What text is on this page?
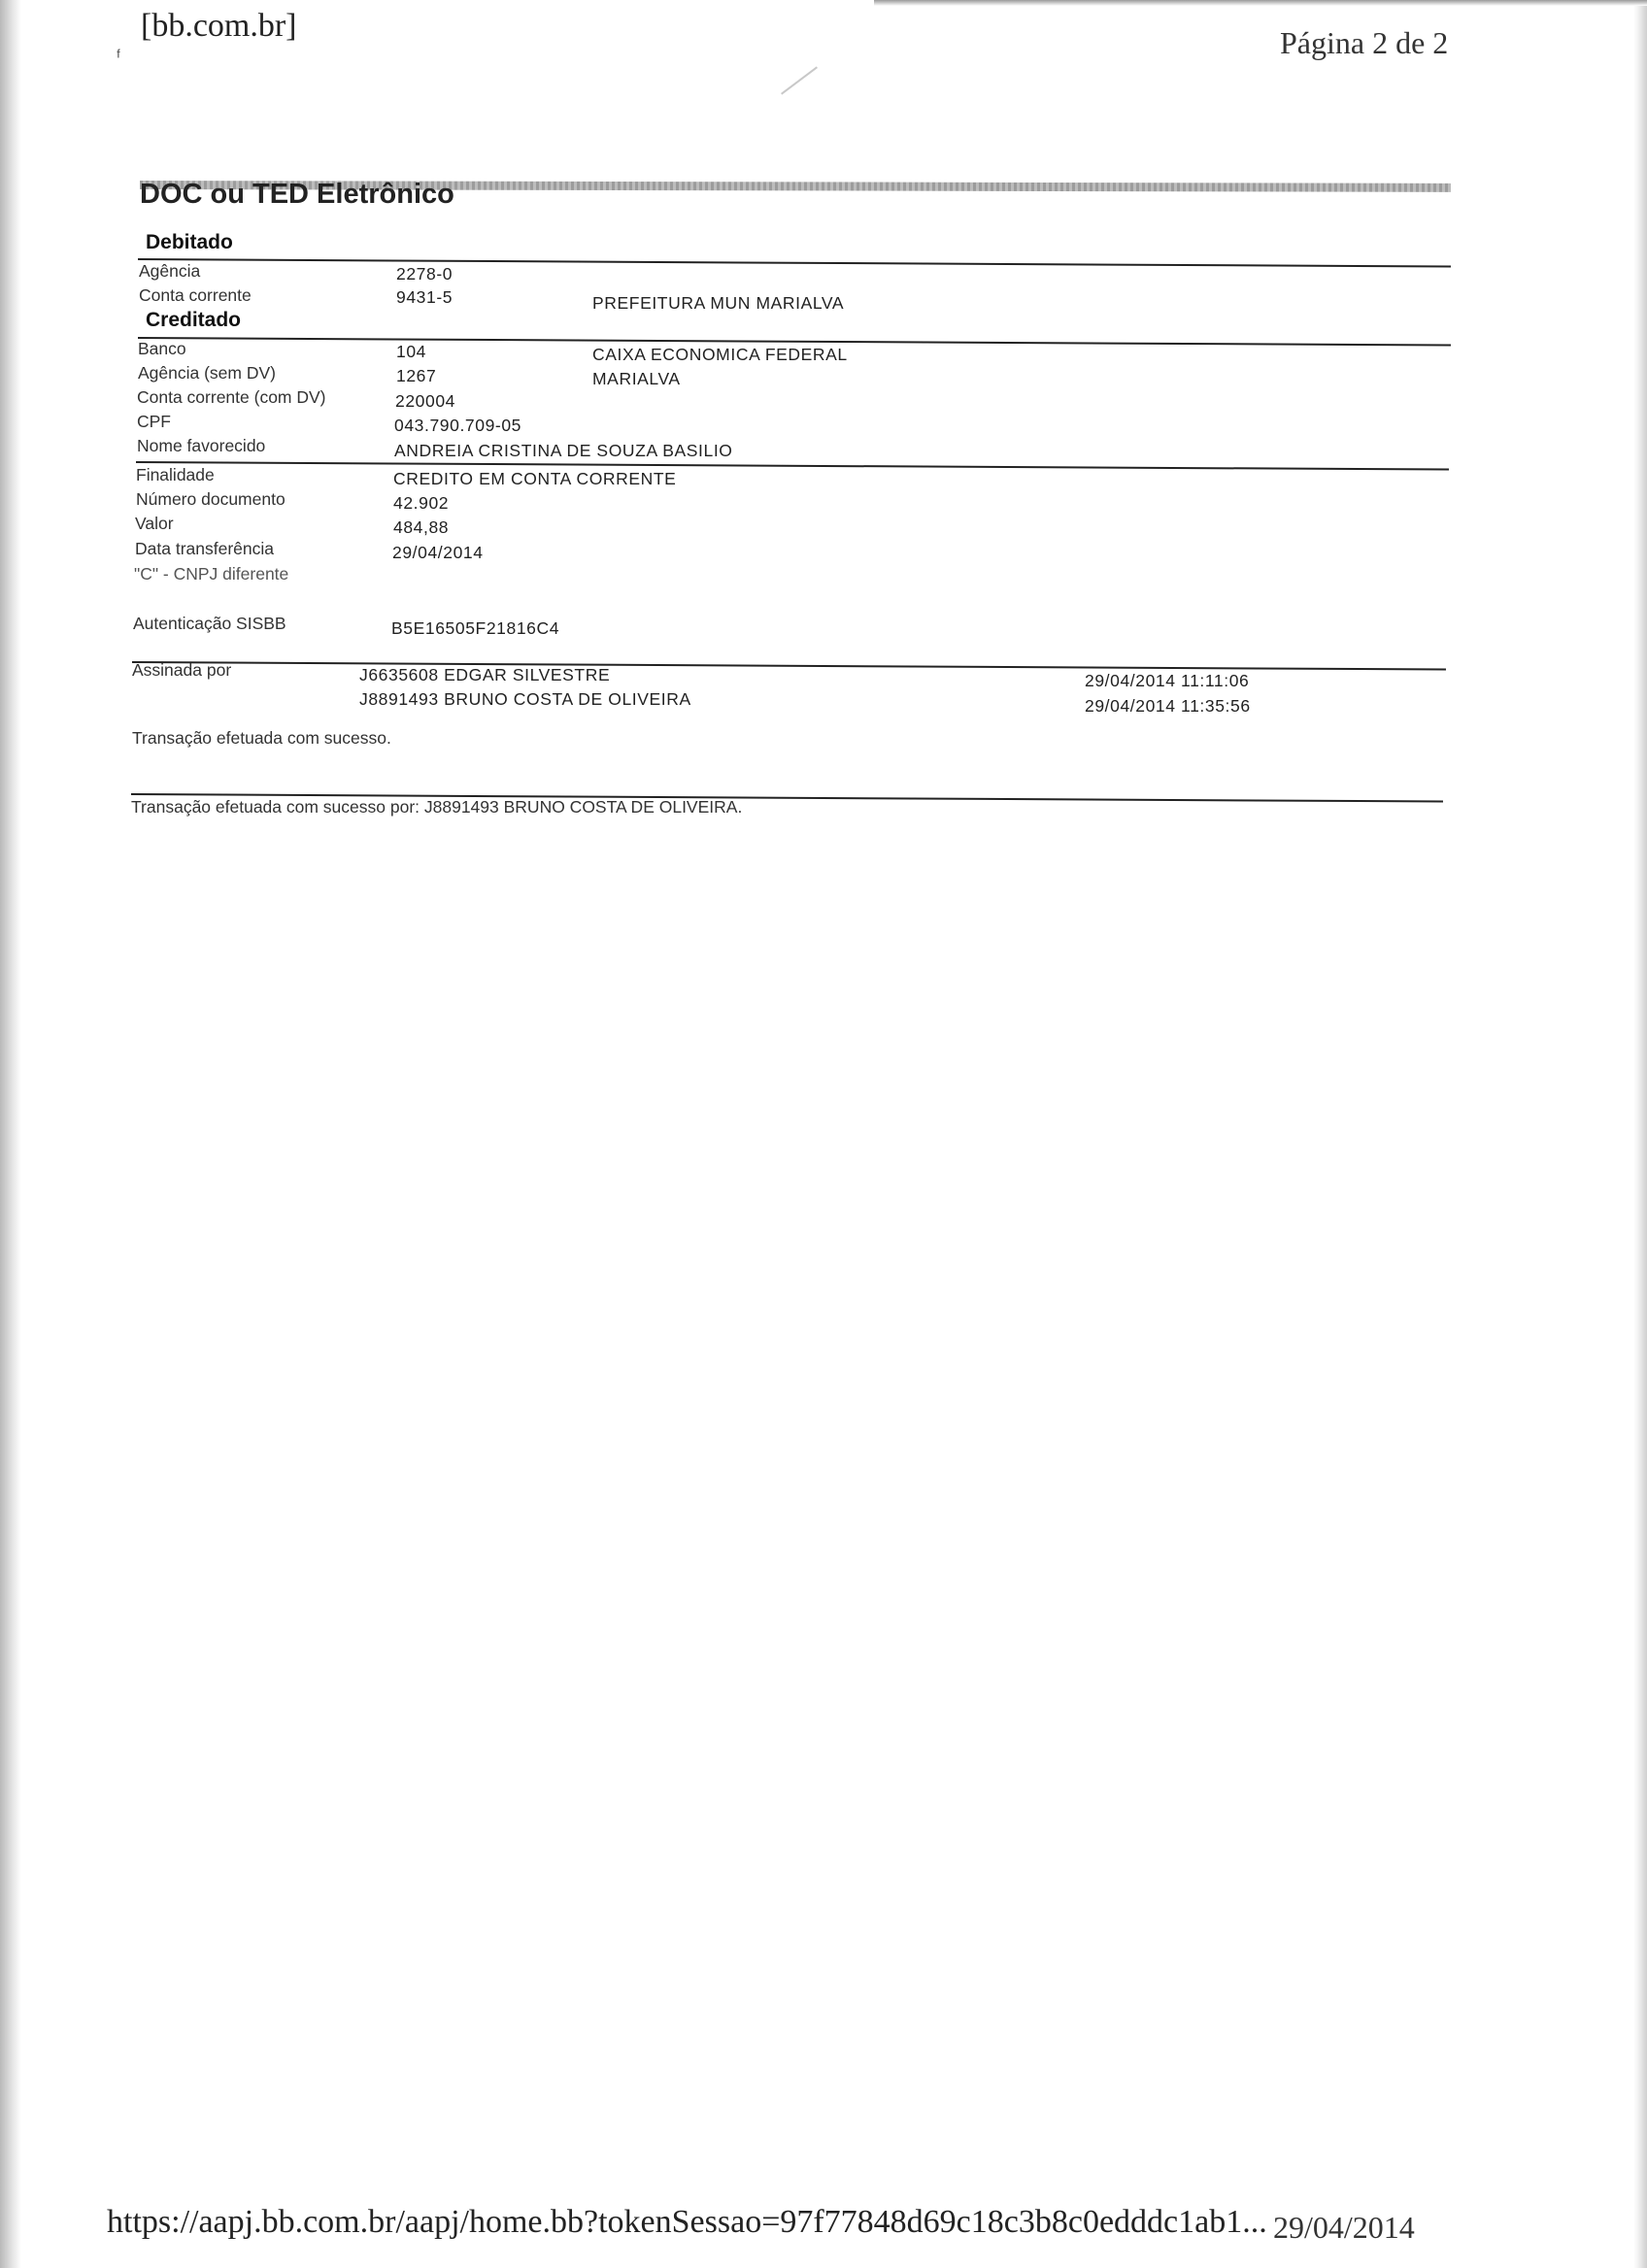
ᶠ
[bb.com.br]	Página 2 de 2
DOC ou TED Eletrônico
Debitado
Agência	2278-0
Conta corrente	9431-5	PREFEITURA MUN MARIALVA
Creditado
Banco	104	CAIXA ECONOMICA FEDERAL
Agência (sem DV)	1267	MARIALVA
Conta corrente (com DV)	220004
CPF	043.790.709-05
Nome favorecido	ANDREIA CRISTINA DE SOUZA BASILIO
Finalidade	CREDITO EM CONTA CORRENTE
Número documento	42.902
Valor	484,88
Data transferência	29/04/2014
"C" - CNPJ diferente
Autenticação SISBB	B5E16505F21816C4
Assinada por	J6635608 EDGAR SILVESTRE	29/04/2014 11:11:06
J8891493 BRUNO COSTA DE OLIVEIRA	29/04/2014 11:35:56
Transação efetuada com sucesso.
Transação efetuada com sucesso por: J8891493 BRUNO COSTA DE OLIVEIRA.
https://aapj.bb.com.br/aapj/home.bb?tokenSessao=97f77848d69c18c3b8c0edddc1ab1... 29/04/2014
